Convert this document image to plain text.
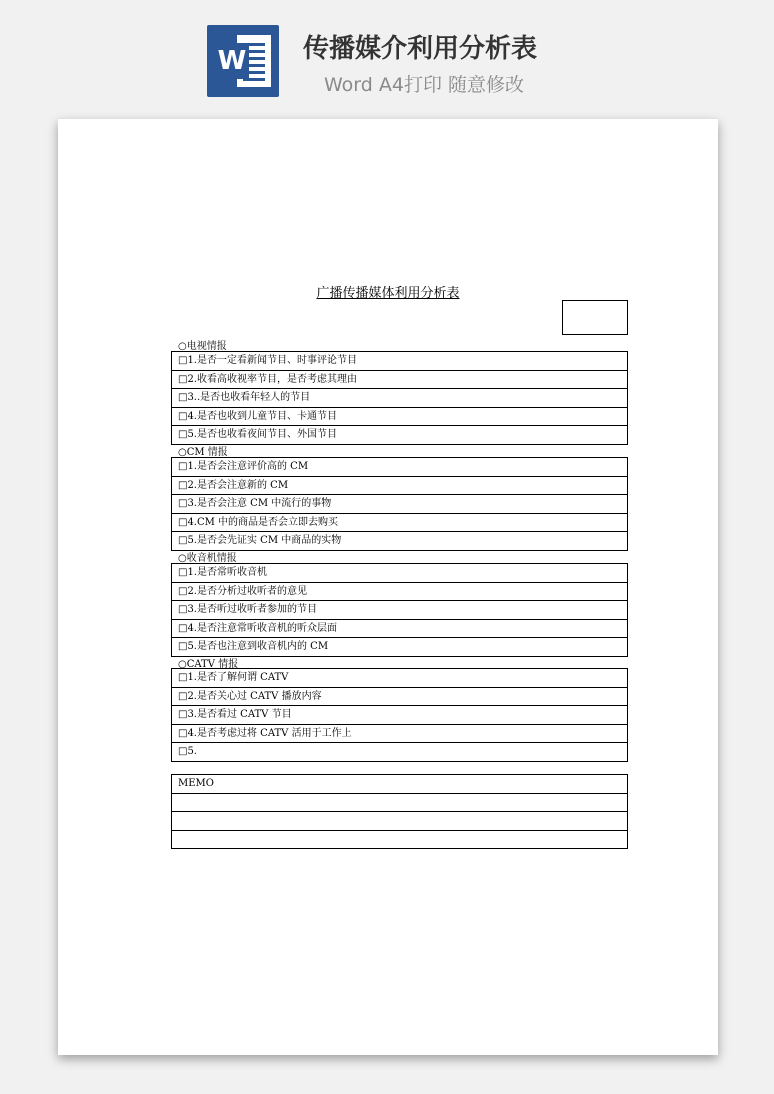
W 传播媒介利用分析表
Word A4打印 随意修改
广播传播媒体利用分析表
○电视情报
□1.是否一定看新闻节目、时事评论节目
□2.收看高收视率节目，是否考虑其理由
□3..是否也收看年轻人的节目
□4.是否也收到儿童节目、卡通节目
□5.是否也收看夜间节目、外国节目
○CM 情报
□1.是否会注意评价高的 CM
□2.是否会注意新的 CM
□3.是否会注意 CM 中流行的事物
□4.CM 中的商品是否会立即去购买
□5.是否会先证实 CM 中商品的实物
○收音机情报
□1.是否常听收音机
□2.是否分析过收听者的意见
□3.是否听过收听者参加的节目
□4.是否注意常听收音机的听众层面
□5.是否也注意到收音机内的 CM
○CATV 情报
□1.是否了解何谓 CATV
□2.是否关心过 CATV 播放内容
□3.是否看过 CATV 节目
□4.是否考虑过将 CATV 活用于工作上
□5.
MEMO
